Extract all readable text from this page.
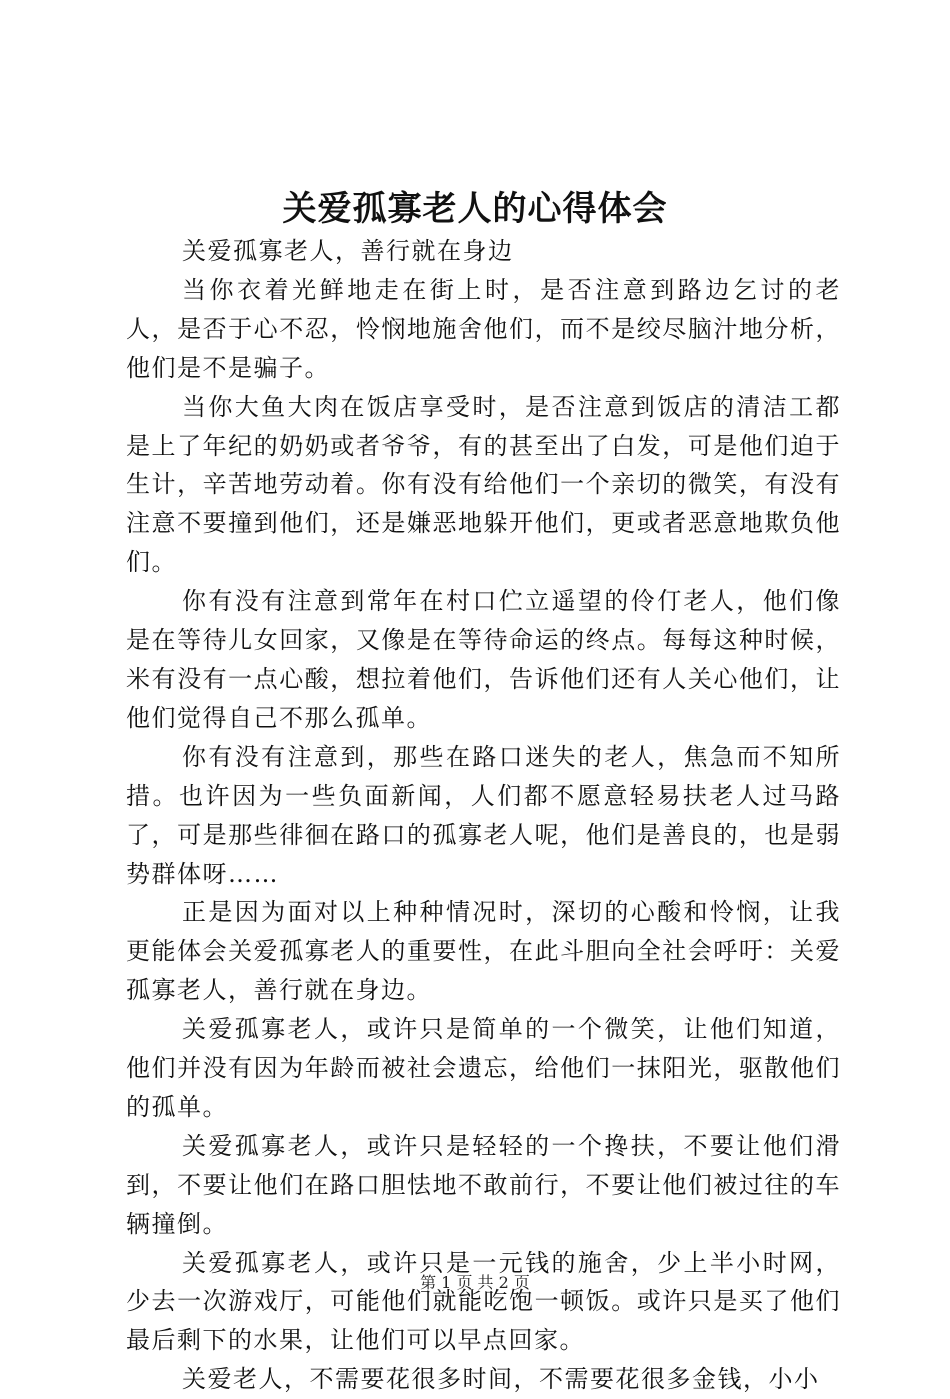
关爱孤寡老人的心得体会

关爱孤寡老人，善行就在身边

当你衣着光鲜地走在街上时，是否注意到路边乞讨的老人，是否于心不忍，怜悯地施舍他们，而不是绞尽脑汁地分析，他们是不是骗子。

当你大鱼大肉在饭店享受时，是否注意到饭店的清洁工都是上了年纪的奶奶或者爷爷，有的甚至出了白发，可是他们迫于生计，辛苦地劳动着。你有没有给他们一个亲切的微笑，有没有注意不要撞到他们，还是嫌恶地躲开他们，更或者恶意地欺负他们。

你有没有注意到常年在村口伫立遥望的伶仃老人，他们像是在等待儿女回家，又像是在等待命运的终点。每每这种时候，米有没有一点心酸，想拉着他们，告诉他们还有人关心他们，让他们觉得自己不那么孤单。

你有没有注意到，那些在路口迷失的老人，焦急而不知所措。也许因为一些负面新闻，人们都不愿意轻易扶老人过马路了，可是那些徘徊在路口的孤寡老人呢，他们是善良的，也是弱势群体呀……

正是因为面对以上种种情况时，深切的心酸和怜悯，让我更能体会关爱孤寡老人的重要性，在此斗胆向全社会呼吁：关爱孤寡老人，善行就在身边。

关爱孤寡老人，或许只是简单的一个微笑，让他们知道，他们并没有因为年龄而被社会遗忘，给他们一抹阳光，驱散他们的孤单。

关爱孤寡老人，或许只是轻轻的一个搀扶，不要让他们滑到，不要让他们在路口胆怯地不敢前行，不要让他们被过往的车辆撞倒。

关爱孤寡老人，或许只是一元钱的施舍，少上半小时网，少去一次游戏厅，可能他们就能吃饱一顿饭。或许只是买了他们最后剩下的水果，让他们可以早点回家。

关爱老人，不需要花很多时间，不需要花很多金钱，小小

第 1 页 共 2 页
